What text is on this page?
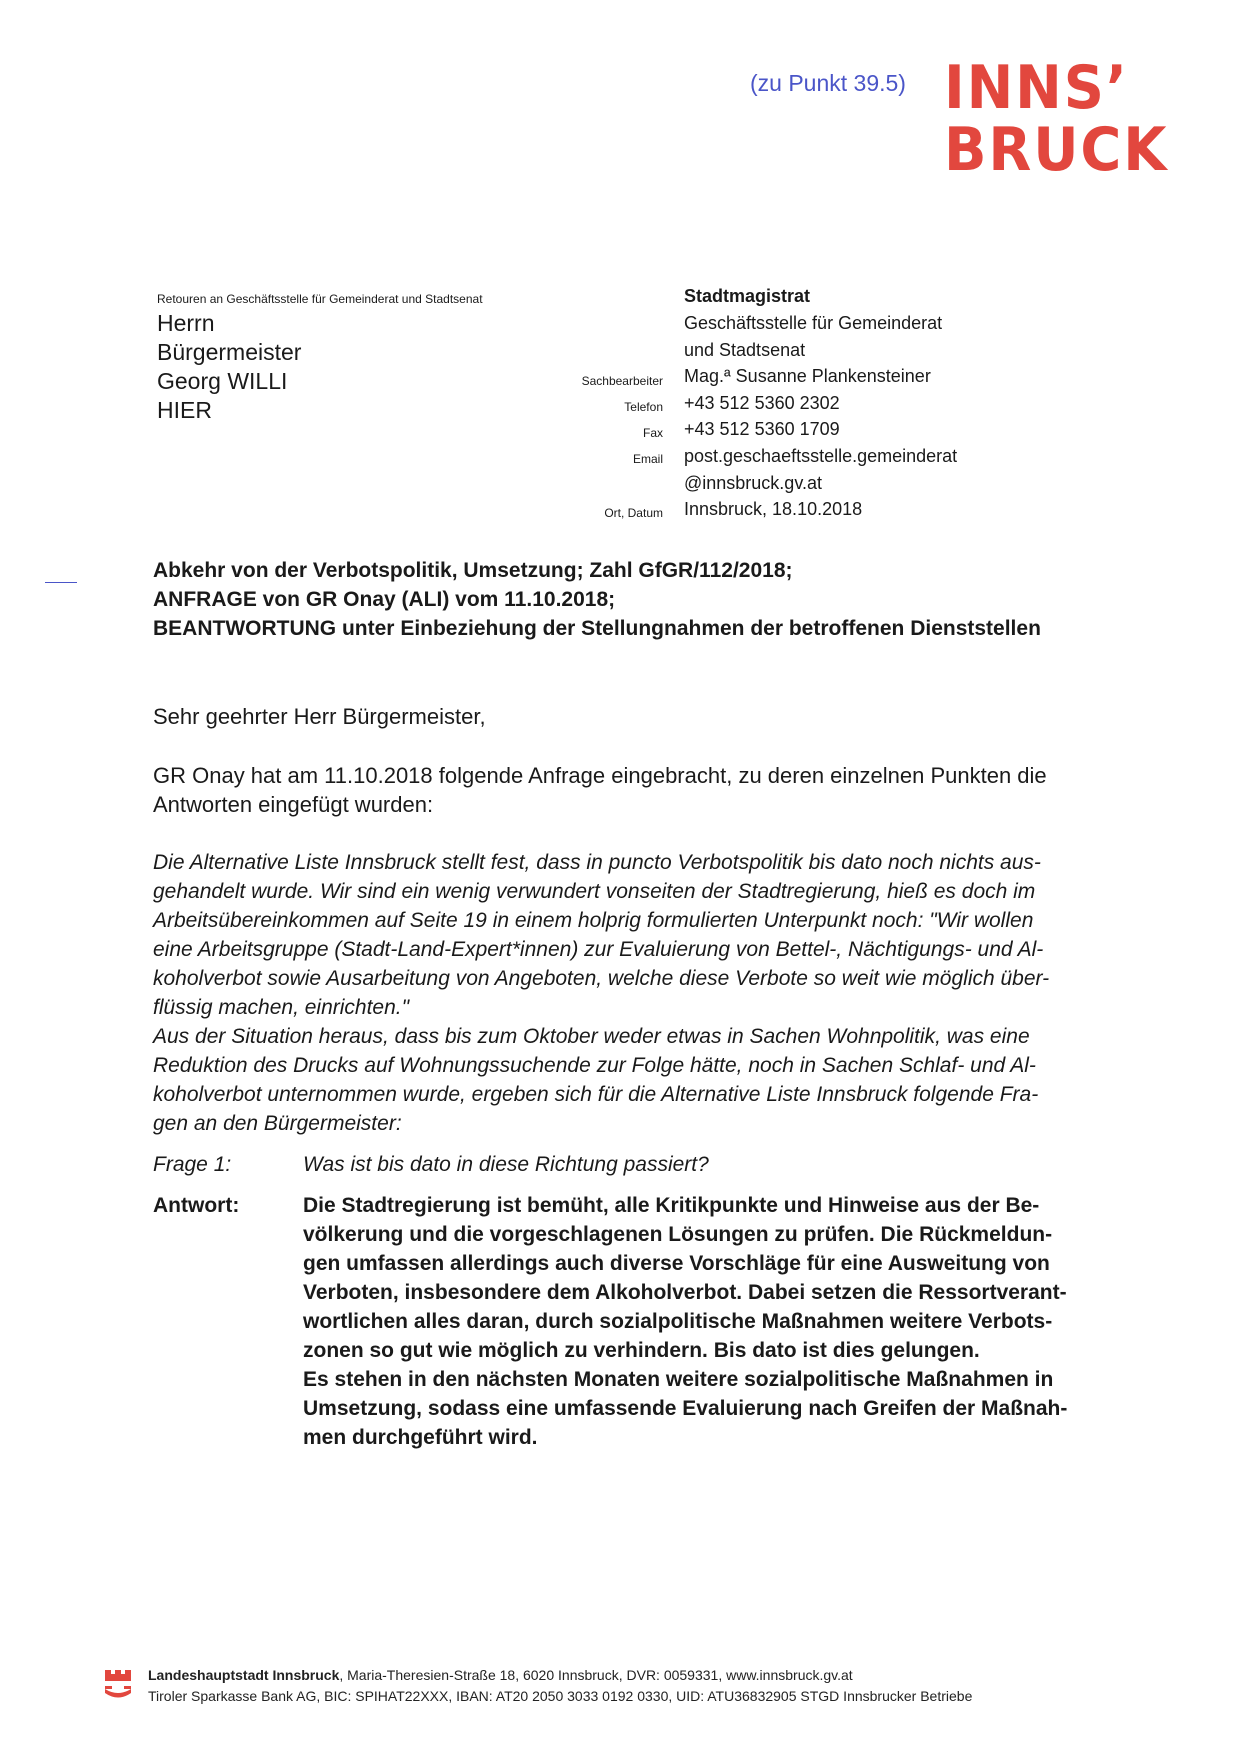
(zu Punkt 39.5) INNS’
BRUCK
Retouren an Geschäftsstelle für Gemeinderat und Stadtsenat
Herrn
Bürgermeister
Georg WILLI
HIER
Stadtmagistrat
Geschäftsstelle für Gemeinderat
und Stadtsenat
Sachbearbeiter Mag.ª Susanne Plankensteiner
Telefon +43 512 5360 2302
Fax +43 512 5360 1709
Email post.geschaeftsstelle.gemeinderat
@innsbruck.gv.at
Ort, Datum Innsbruck, 18.10.2018
Abkehr von der Verbotspolitik, Umsetzung; Zahl GfGR/112/2018;
ANFRAGE von GR Onay (ALI) vom 11.10.2018;
BEANTWORTUNG unter Einbeziehung der Stellungnahmen der betroffenen Dienststellen
Sehr geehrter Herr Bürgermeister,
GR Onay hat am 11.10.2018 folgende Anfrage eingebracht, zu deren einzelnen Punkten die
Antworten eingefügt wurden:
Die Alternative Liste Innsbruck stellt fest, dass in puncto Verbotspolitik bis dato noch nichts aus-
gehandelt wurde. Wir sind ein wenig verwundert vonseiten der Stadtregierung, hieß es doch im
Arbeitsübereinkommen auf Seite 19 in einem holprig formulierten Unterpunkt noch: "Wir wollen
eine Arbeitsgruppe (Stadt-Land-Expert*innen) zur Evaluierung von Bettel-, Nächtigungs- und Al-
koholverbot sowie Ausarbeitung von Angeboten, welche diese Verbote so weit wie möglich über-
flüssig machen, einrichten."
Aus der Situation heraus, dass bis zum Oktober weder etwas in Sachen Wohnpolitik, was eine
Reduktion des Drucks auf Wohnungssuchende zur Folge hätte, noch in Sachen Schlaf- und Al-
koholverbot unternommen wurde, ergeben sich für die Alternative Liste Innsbruck folgende Fra-
gen an den Bürgermeister:
Frage 1:	Was ist bis dato in diese Richtung passiert?
Antwort:	Die Stadtregierung ist bemüht, alle Kritikpunkte und Hinweise aus der Be-
völkerung und die vorgeschlagenen Lösungen zu prüfen. Die Rückmeldun-
gen umfassen allerdings auch diverse Vorschläge für eine Ausweitung von
Verboten, insbesondere dem Alkoholverbot. Dabei setzen die Ressortverant-
wortlichen alles daran, durch sozialpolitische Maßnahmen weitere Verbots-
zonen so gut wie möglich zu verhindern. Bis dato ist dies gelungen.
Es stehen in den nächsten Monaten weitere sozialpolitische Maßnahmen in
Umsetzung, sodass eine umfassende Evaluierung nach Greifen der Maßnah-
men durchgeführt wird.
Landeshauptstadt Innsbruck, Maria-Theresien-Straße 18, 6020 Innsbruck, DVR: 0059331, www.innsbruck.gv.at
Tiroler Sparkasse Bank AG, BIC: SPIHAT22XXX, IBAN: AT20 2050 3033 0192 0330, UID: ATU36832905 STGD Innsbrucker Betriebe
